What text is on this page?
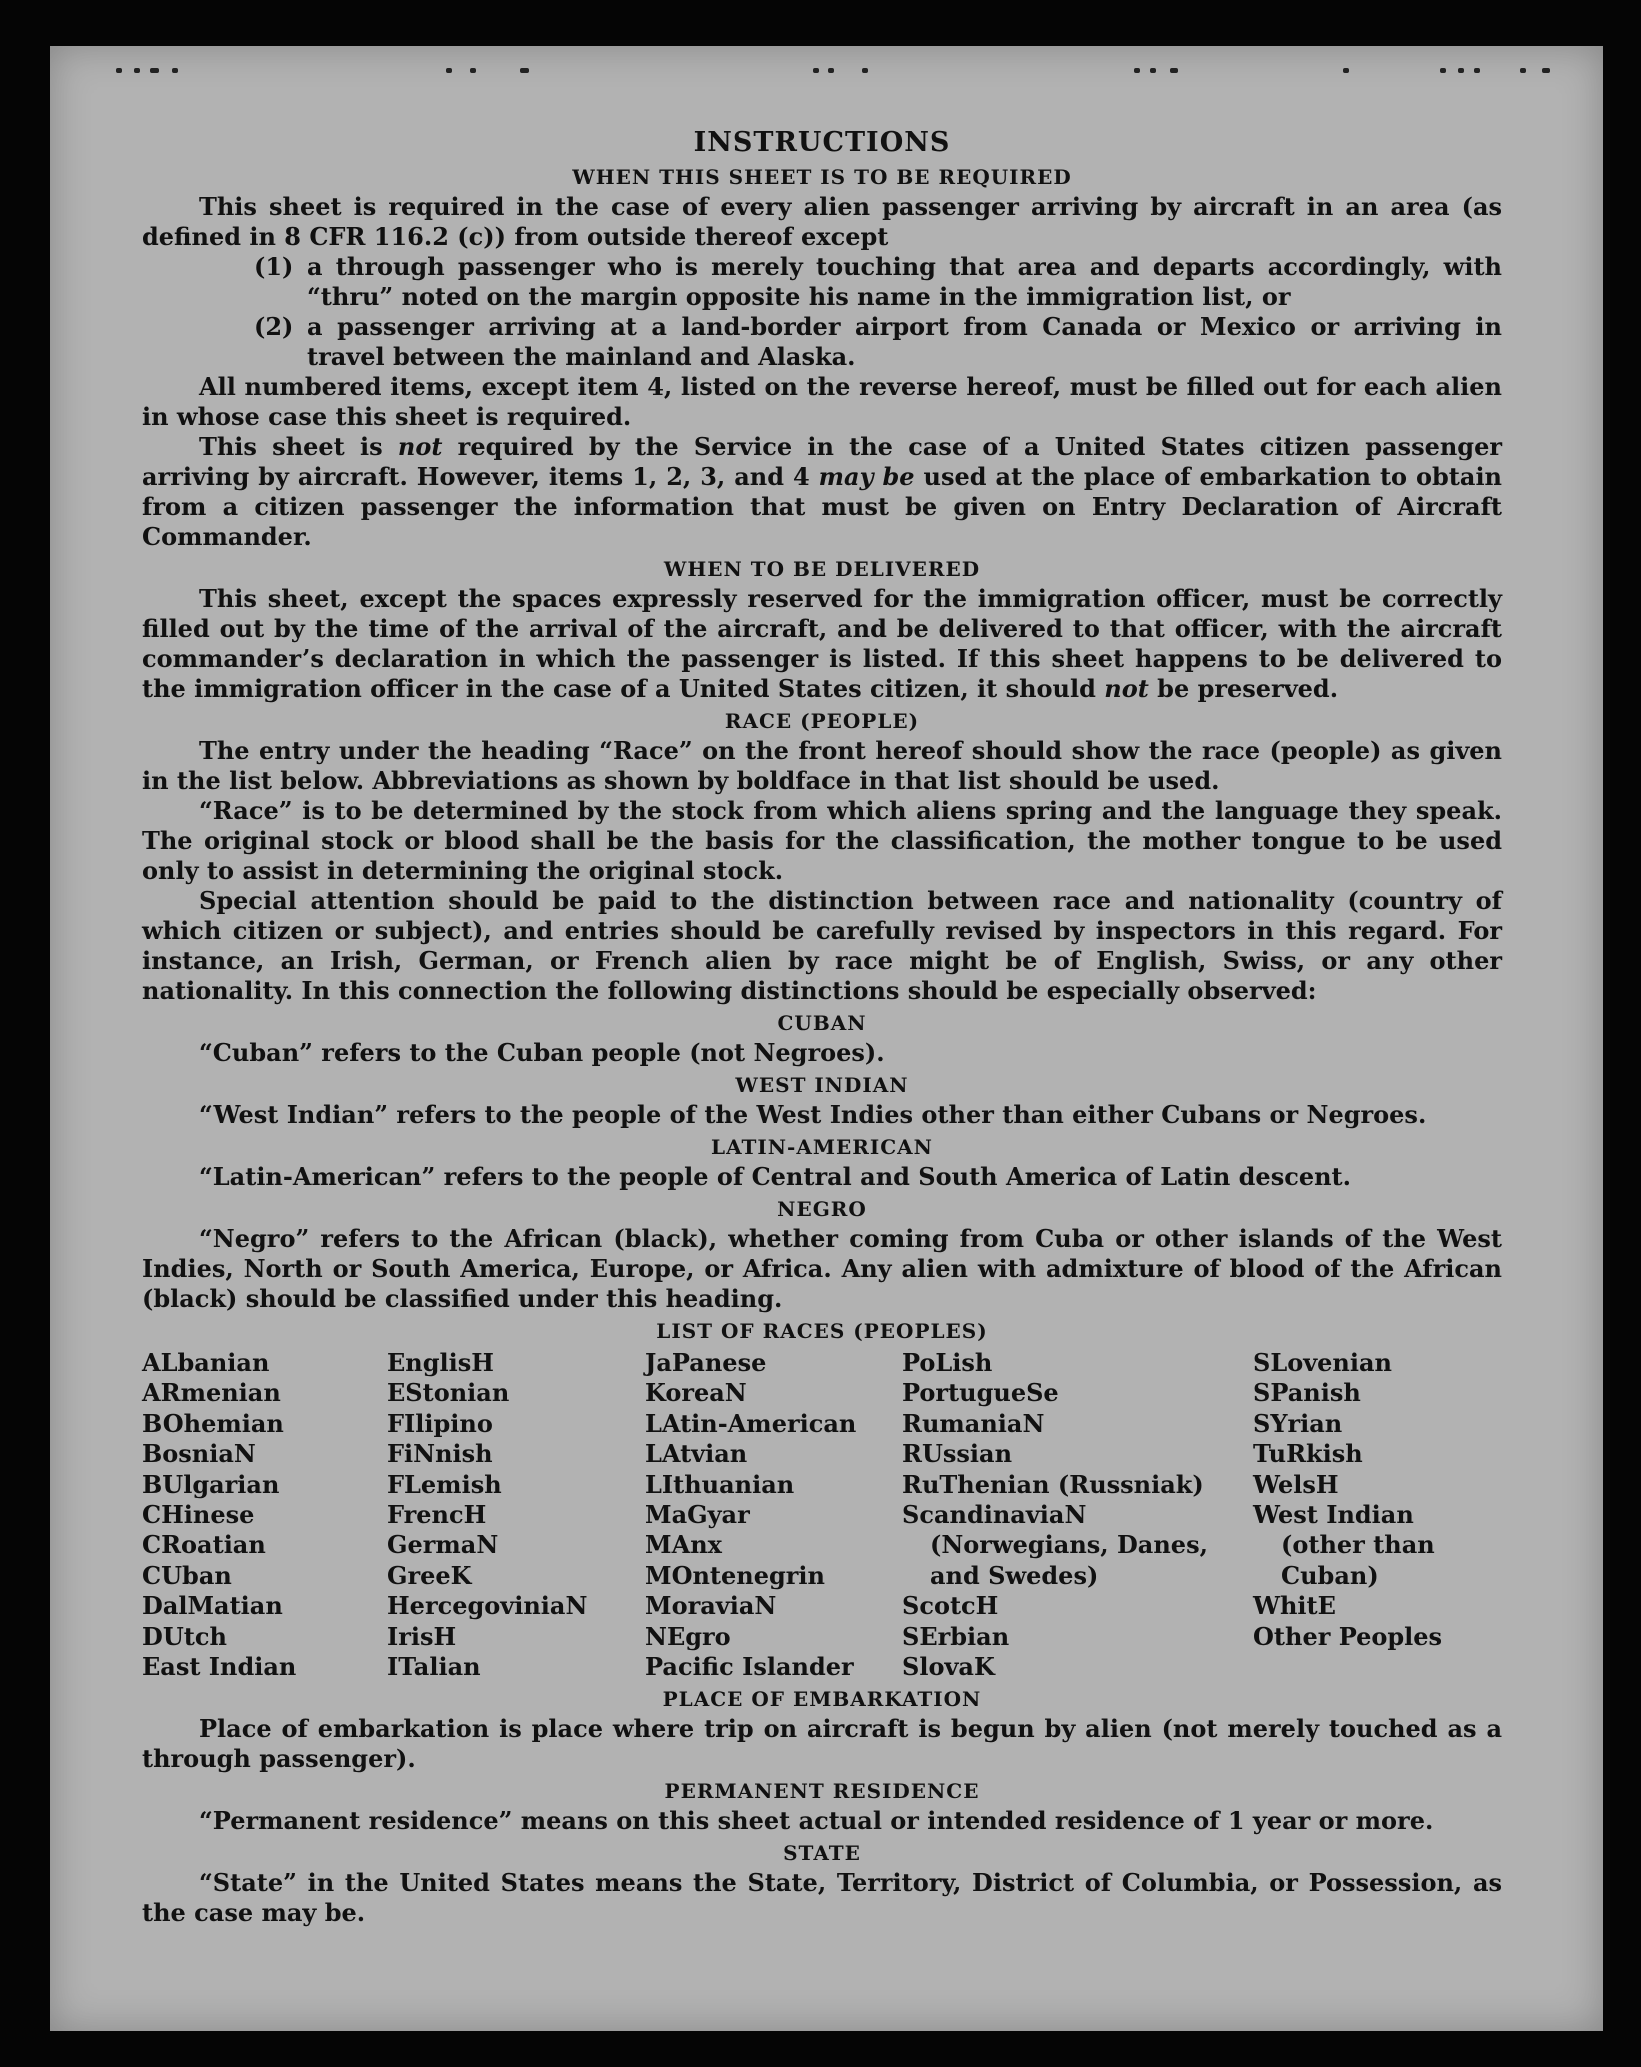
INSTRUCTIONS
WHEN THIS SHEET IS TO BE REQUIRED

This sheet is required in the case of every alien passenger arriving by aircraft in an area (as defined in 8 CFR 116.2 (c)) from outside thereof except

(1) a through passenger who is merely touching that area and departs accordingly, with “thru” noted on the margin opposite his name in the immigration list, or

(2) a passenger arriving at a land-border airport from Canada or Mexico or arriving in travel between the mainland and Alaska.

All numbered items, except item 4, listed on the reverse hereof, must be filled out for each alien in whose case this sheet is required.

This sheet is not required by the Service in the case of a United States citizen passenger arriving by aircraft. However, items 1, 2, 3, and 4 may be used at the place of embarkation to obtain from a citizen passenger the information that must be given on Entry Declaration of Aircraft Commander.

WHEN TO BE DELIVERED

This sheet, except the spaces expressly reserved for the immigration officer, must be correctly filled out by the time of the arrival of the aircraft, and be delivered to that officer, with the aircraft commander’s declaration in which the passenger is listed. If this sheet happens to be delivered to the immigration officer in the case of a United States citizen, it should not be preserved.

RACE (PEOPLE)

The entry under the heading “Race” on the front hereof should show the race (people) as given in the list below. Abbreviations as shown by boldface in that list should be used.

“Race” is to be determined by the stock from which aliens spring and the language they speak. The original stock or blood shall be the basis for the classification, the mother tongue to be used only to assist in determining the original stock.

Special attention should be paid to the distinction between race and nationality (country of which citizen or subject), and entries should be carefully revised by inspectors in this regard. For instance, an Irish, German, or French alien by race might be of English, Swiss, or any other nationality. In this connection the following distinctions should be especially observed:

CUBAN

“Cuban” refers to the Cuban people (not Negroes).

WEST INDIAN

“West Indian” refers to the people of the West Indies other than either Cubans or Negroes.

LATIN-AMERICAN

“Latin-American” refers to the people of Central and South America of Latin descent.

NEGRO

“Negro” refers to the African (black), whether coming from Cuba or other islands of the West Indies, North or South America, Europe, or Africa. Any alien with admixture of blood of the African (black) should be classified under this heading.

LIST OF RACES (PEOPLES)
ALbanian
ARmenian
BOhemian
BosniaN
BUlgarian
CHinese
CRoatian
CUban
DalMatian
DUtch
East Indian
EnglisH
EStonian
FIlipino
FiNnish
FLemish
FrencH
GermaN
GreeK
HercegoviniaN
IrisH
ITalian
JaPanese
KoreaN
LAtin-American
LAtvian
LIthuanian
MaGyar
MAnx
MOntenegrin
MoraviaN
NEgro
Pacific Islander
PoLish
PortugueSe
RumaniaN
RUssian
RuThenian (Russniak)
ScandinaviaN (Norwegians, Danes, and Swedes)
ScotcH
SErbian
SlovaK
SLovenian
SPanish
SYrian
TuRkish
WelsH
West Indian (other than Cuban)
WhitE
Other Peoples
PLACE OF EMBARKATION

Place of embarkation is place where trip on aircraft is begun by alien (not merely touched as a through passenger).

PERMANENT RESIDENCE

“Permanent residence” means on this sheet actual or intended residence of 1 year or more.

STATE

“State” in the United States means the State, Territory, District of Columbia, or Possession, as the case may be.
